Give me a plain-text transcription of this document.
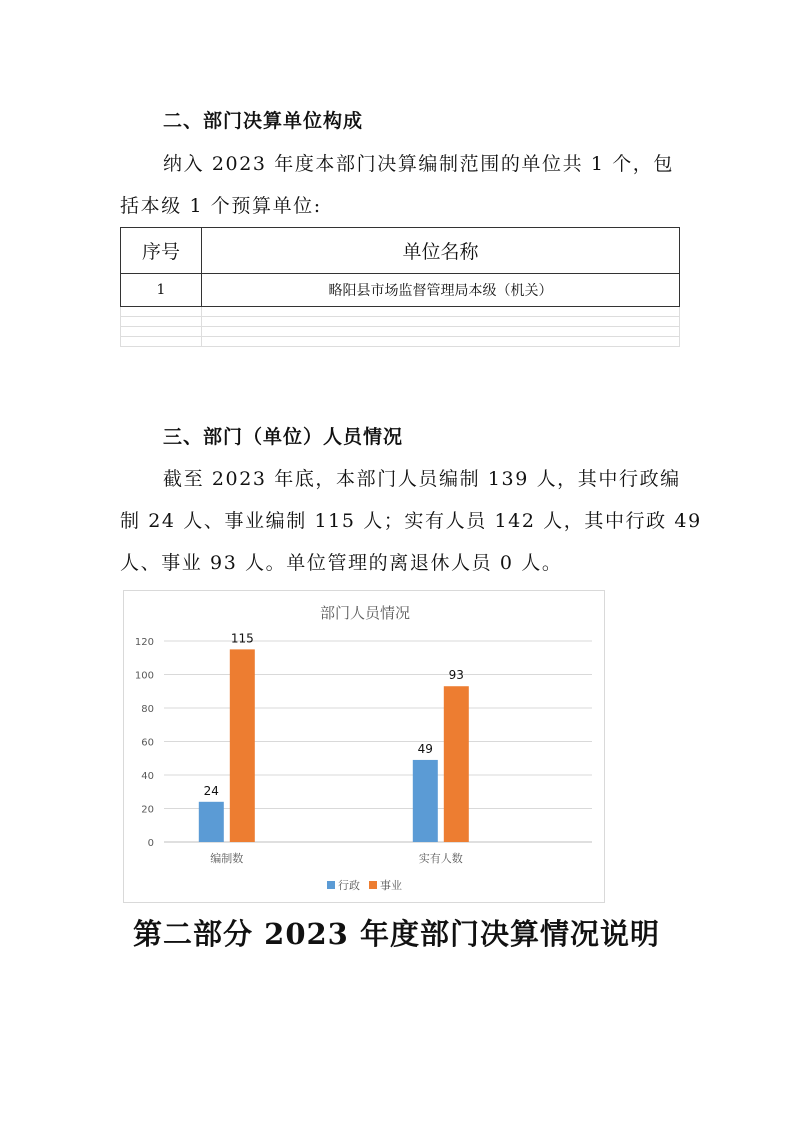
二、部门决算单位构成
纳入 2023 年度本部门决算编制范围的单位共 1 个，包
括本级 1 个预算单位:
序号	单位名称
1	略阳县市场监督管理局本级（机关）

三、部门（单位）人员情况
截至 2023 年底，本部门人员编制 139 人，其中行政编
制 24 人、事业编制 115 人；实有人员 142 人，其中行政 49
人、事业 93 人。单位管理的离退休人员 0 人。
部门人员情况
0
20
40
60
80
100
120
24
115
编制数
49
93
实有人数
行政 事业
第二部分 2023 年度部门决算情况说明
